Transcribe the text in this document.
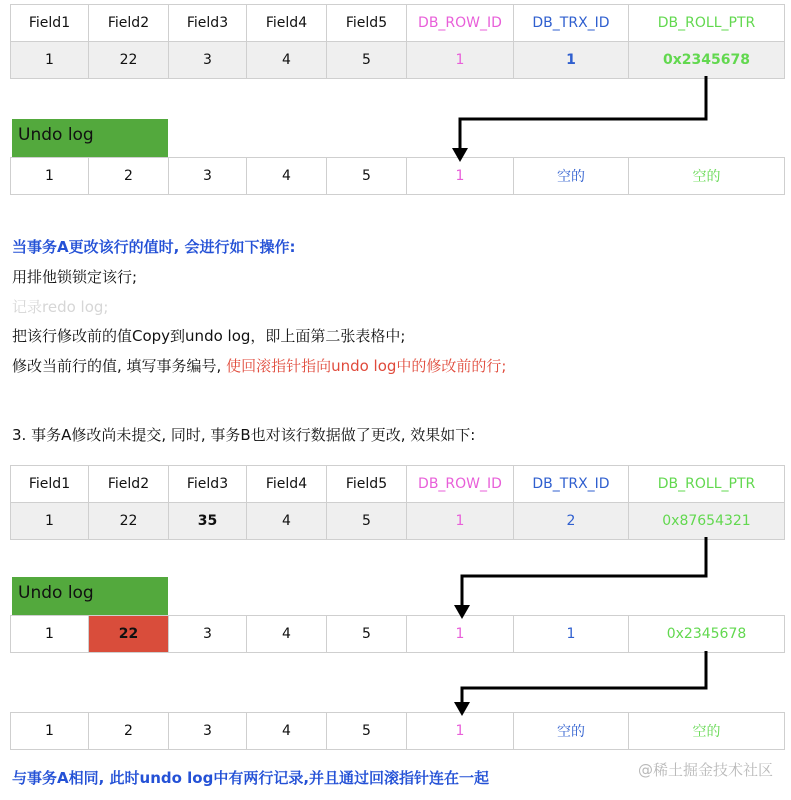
Field1	Field2	Field3	Field4	Field5	DB_ROW_ID	DB_TRX_ID	DB_ROLL_PTR
1	22	3	4	5	1	1	0x2345678
Undo log
1	2	3	4	5	1	空的	空的
当事务A更改该行的值时, 会进行如下操作:
用排他锁锁定该行;
记录redo log;
把该行修改前的值Copy到undo log，即上面第二张表格中;
修改当前行的值, 填写事务编号, 使回滚指针指向undo log中的修改前的行;
3. 事务A修改尚未提交, 同时, 事务B也对该行数据做了更改, 效果如下:
Field1	Field2	Field3	Field4	Field5	DB_ROW_ID	DB_TRX_ID	DB_ROLL_PTR
1	22	35	4	5	1	2	0x87654321
Undo log
1	22	3	4	5	1	1	0x2345678
1	2	3	4	5	1	空的	空的
与事务A相同, 此时undo log中有两行记录,并且通过回滚指针连在一起	@稀土掘金技术社区
